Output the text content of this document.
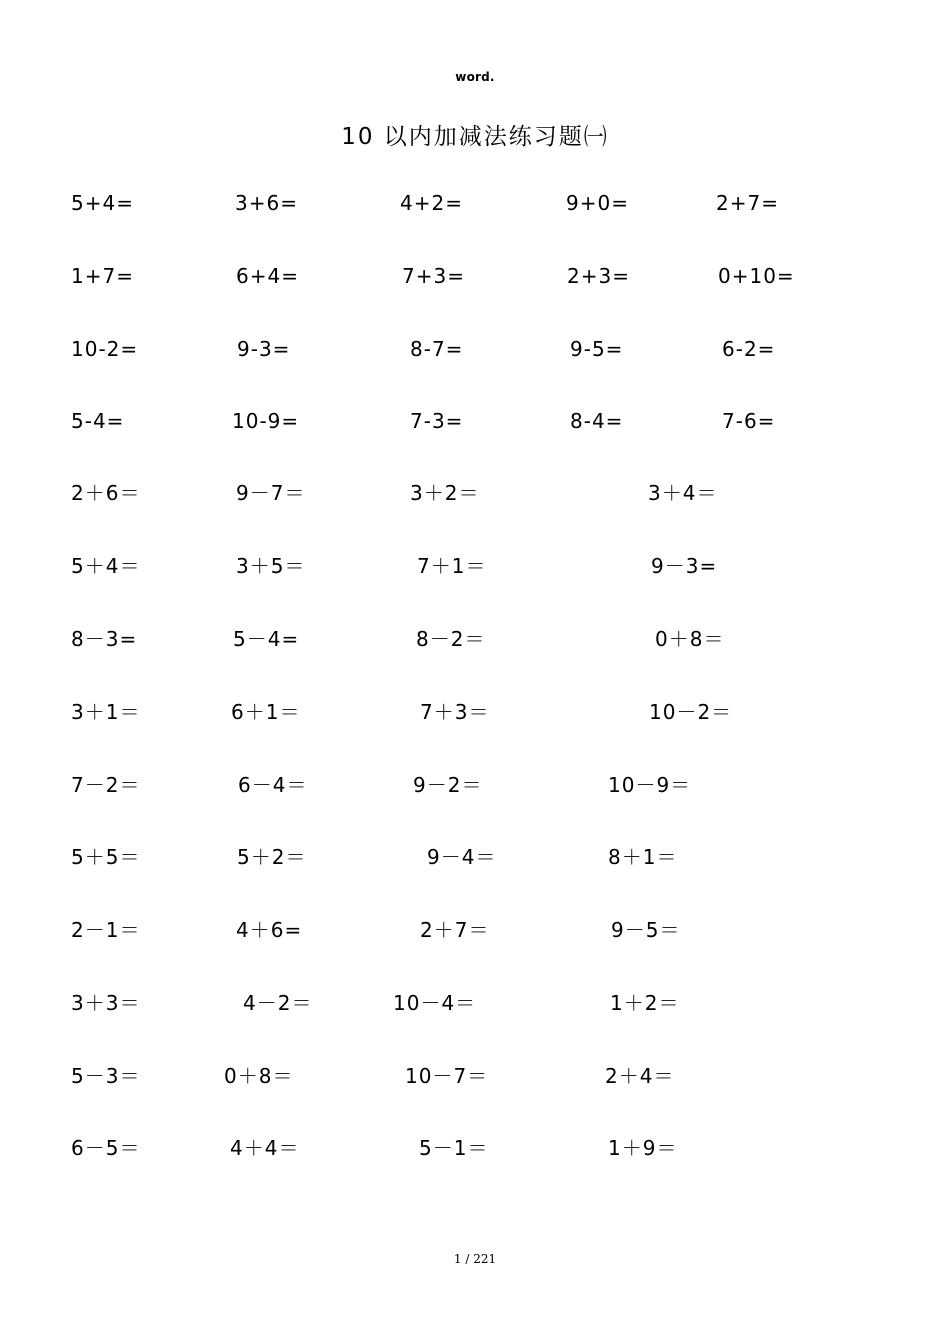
word.
10 以内加减法练习题㈠
5+4=	3+6=	4+2=	9+0=	2+7=
1+7=	6+4=	7+3=	2+3=	0+10=
10-2=	9-3=	8-7=	9-5=	6-2=
5-4=	10-9=	7-3=	8-4=	7-6=
2＋6＝	9－7＝	3＋2＝	3＋4＝
5＋4＝	3＋5＝	7＋1＝	9－3=
8－3=	5－4=	8－2＝	0＋8＝
3＋1＝	6＋1＝	7＋3＝	10－2＝
7－2＝	6－4＝	9－2＝	10－9＝
5＋5＝	5＋2＝	9－4＝	8＋1＝
2－1＝	4＋6=	2＋7＝	9－5＝
3＋3＝	4－2＝	10－4＝	1＋2＝
5－3＝	0＋8＝	10－7＝	2＋4＝
6－5＝	4＋4＝	5－1＝	1＋9＝
1 / 221
